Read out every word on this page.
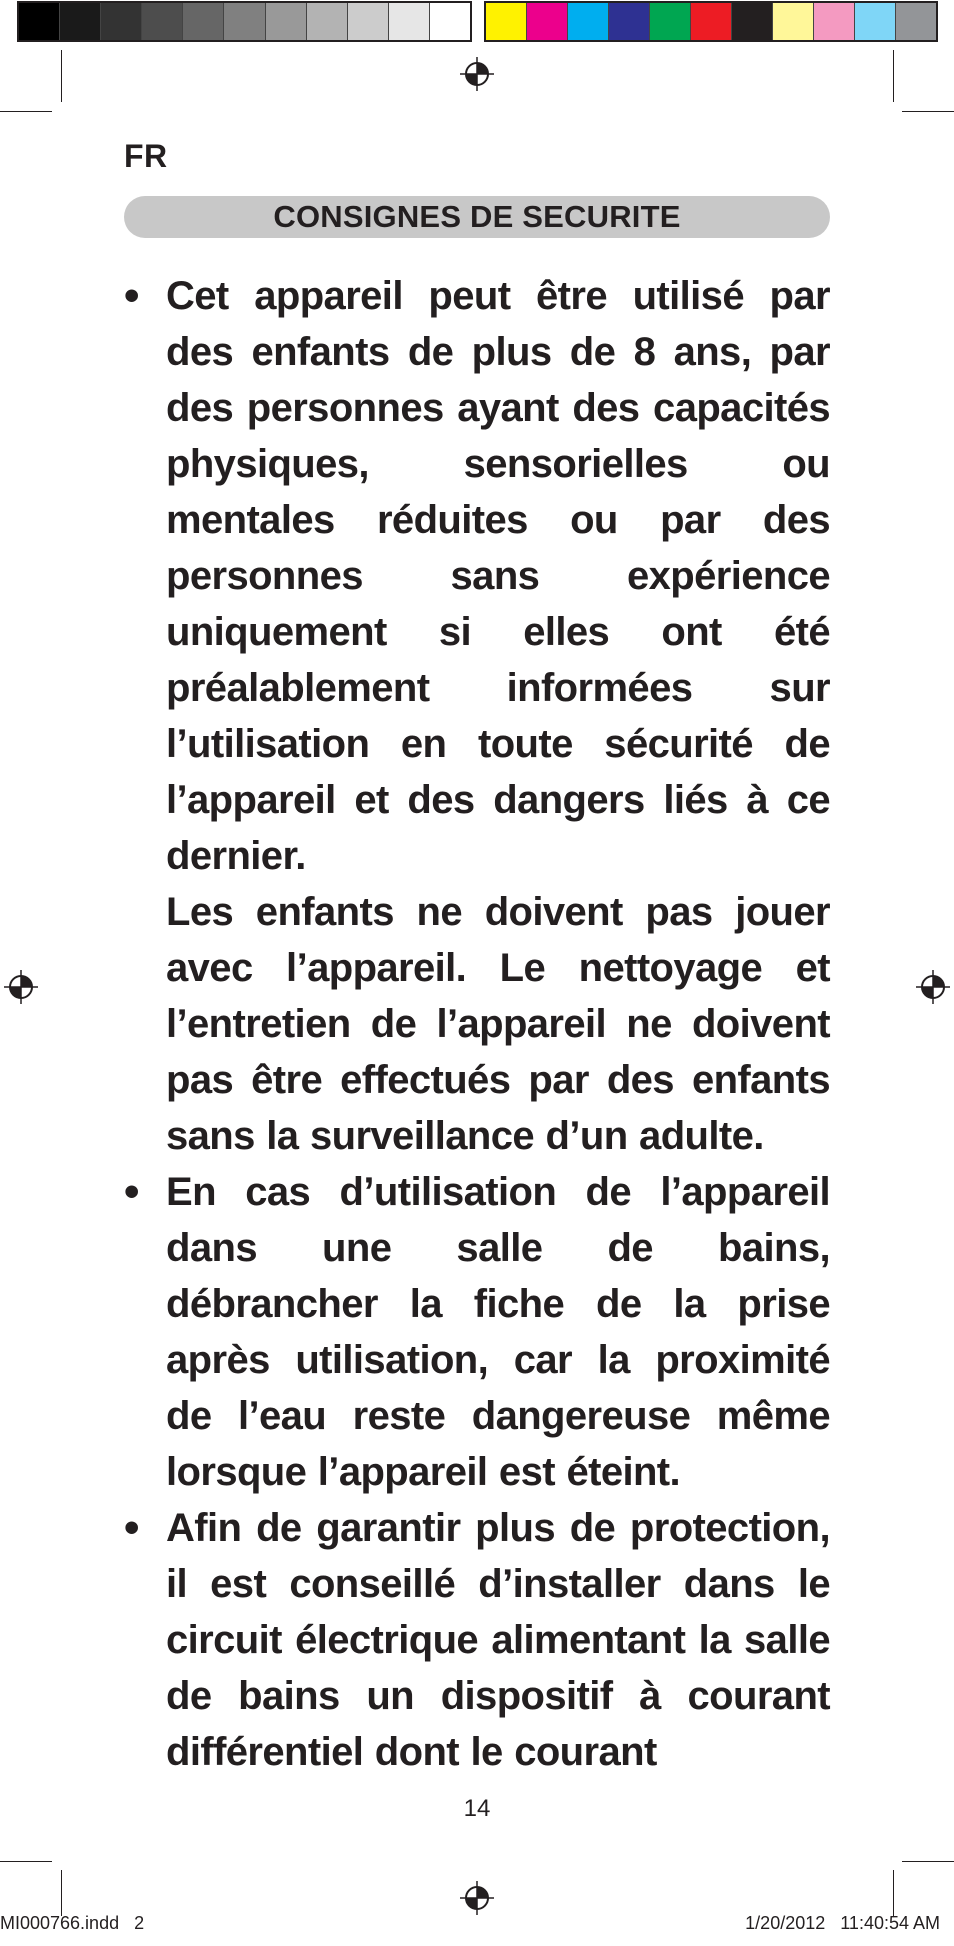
FR
CONSIGNES DE SECURITE
• Cet appareil peut être utilisé par des enfants de plus de 8 ans, par des personnes ayant des capacités physiques, sensorielles ou mentales réduites ou par des personnes sans expérience uniquement si elles ont été préalablement informées sur l’utilisation en toute sécurité de l’appareil et des dangers liés à ce dernier.

Les enfants ne doivent pas jouer avec l’appareil. Le nettoyage et l’entretien de l’appareil ne doivent pas être effectués par des enfants sans la surveillance d’un adulte.

• En cas d’utilisation de l’appareil dans une salle de bains, débrancher la fiche de la prise après utilisation, car la proximité de l’eau reste dangereuse même lorsque l’appareil est éteint.

• Afin de garantir plus de protection, il est conseillé d’installer dans le circuit électrique alimentant la salle de bains un dispositif à courant différentiel dont le courant

14
MI000766.indd   2	1/20/2012   11:40:54 AM
